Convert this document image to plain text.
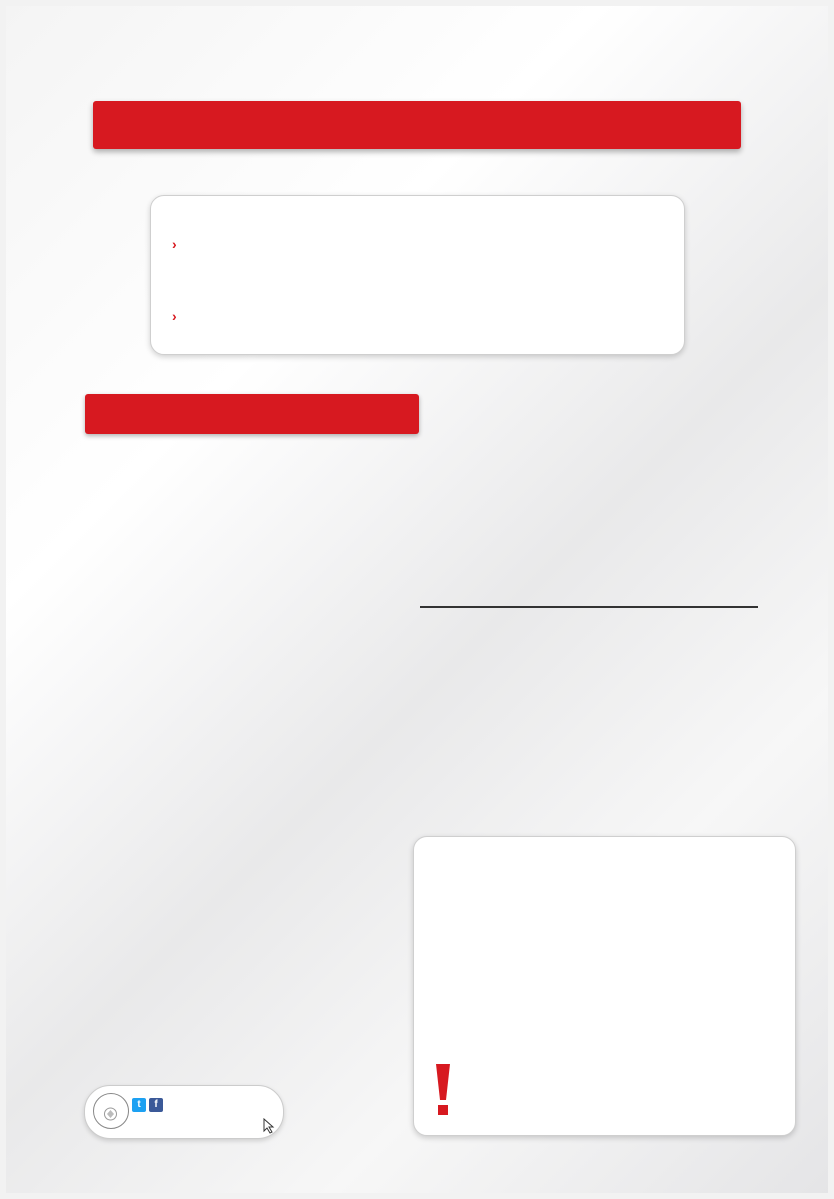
›
›
t	f
